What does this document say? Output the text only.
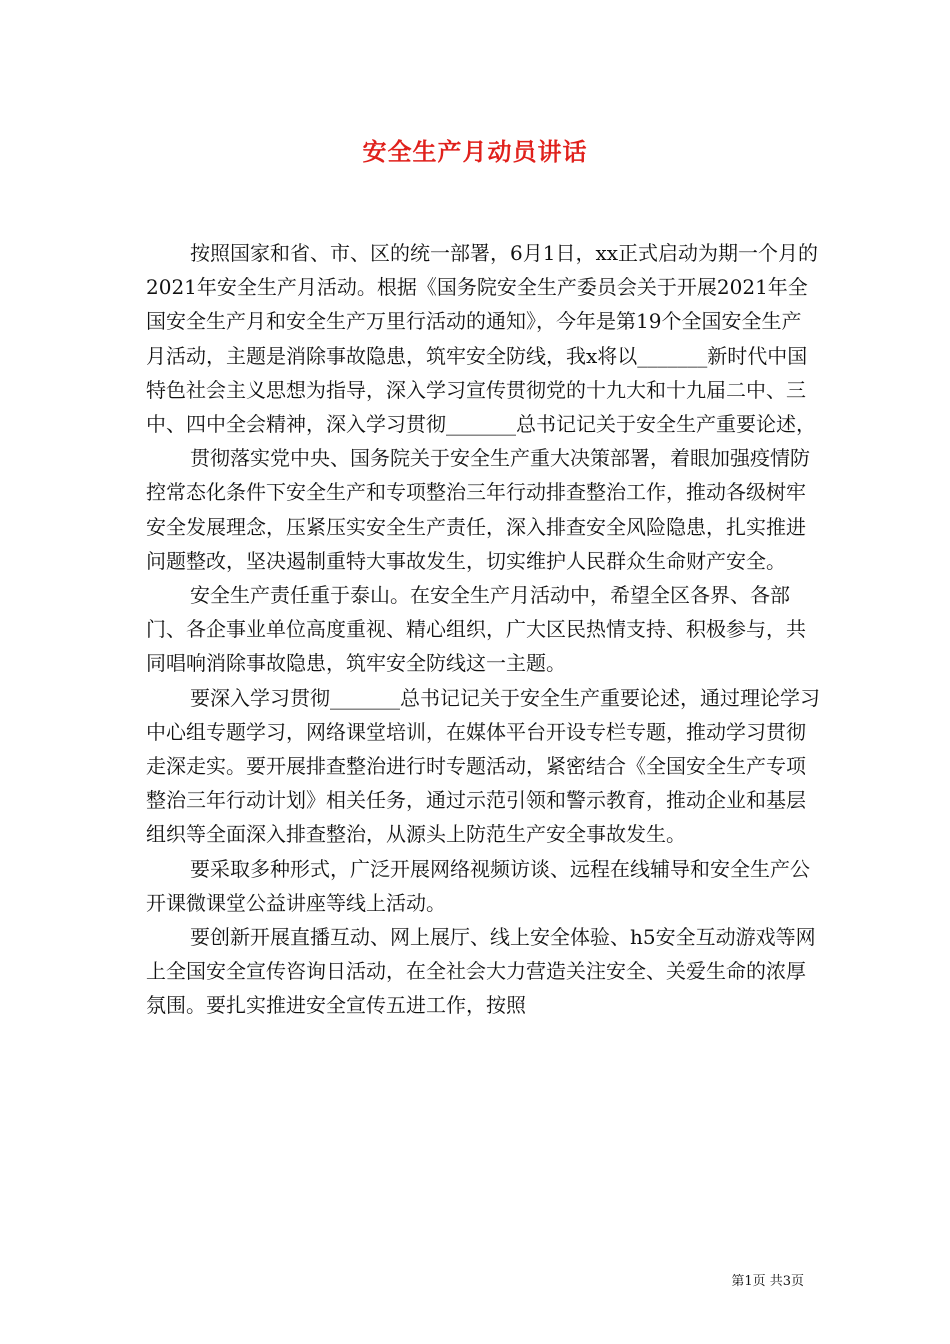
安全生产月动员讲话

按照国家和省、市、区的统一部署，6月1日，xx正式启动为期一个月的2021年安全生产月活动。根据《国务院安全生产委员会关于开展2021年全国安全生产月和安全生产万里行活动的通知》，今年是第19个全国安全生产月活动，主题是消除事故隐患，筑牢安全防线，我x将以_______新时代中国特色社会主义思想为指导，深入学习宣传贯彻党的十九大和十九届二中、三中、四中全会精神，深入学习贯彻_______总书记记关于安全生产重要论述，

贯彻落实党中央、国务院关于安全生产重大决策部署，着眼加强疫情防控常态化条件下安全生产和专项整治三年行动排查整治工作，推动各级树牢安全发展理念，压紧压实安全生产责任，深入排查安全风险隐患，扎实推进问题整改，坚决遏制重特大事故发生，切实维护人民群众生命财产安全。

安全生产责任重于泰山。在安全生产月活动中，希望全区各界、各部门、各企事业单位高度重视、精心组织，广大区民热情支持、积极参与，共同唱响消除事故隐患，筑牢安全防线这一主题。

要深入学习贯彻_______总书记记关于安全生产重要论述，通过理论学习中心组专题学习，网络课堂培训，在媒体平台开设专栏专题，推动学习贯彻走深走实。要开展排查整治进行时专题活动，紧密结合《全国安全生产专项整治三年行动计划》相关任务，通过示范引领和警示教育，推动企业和基层组织等全面深入排查整治，从源头上防范生产安全事故发生。

要采取多种形式，广泛开展网络视频访谈、远程在线辅导和安全生产公开课微课堂公益讲座等线上活动。

要创新开展直播互动、网上展厅、线上安全体验、h5安全互动游戏等网上全国安全宣传咨询日活动，在全社会大力营造关注安全、关爱生命的浓厚氛围。要扎实推进安全宣传五进工作，按照

第1页 共3页
